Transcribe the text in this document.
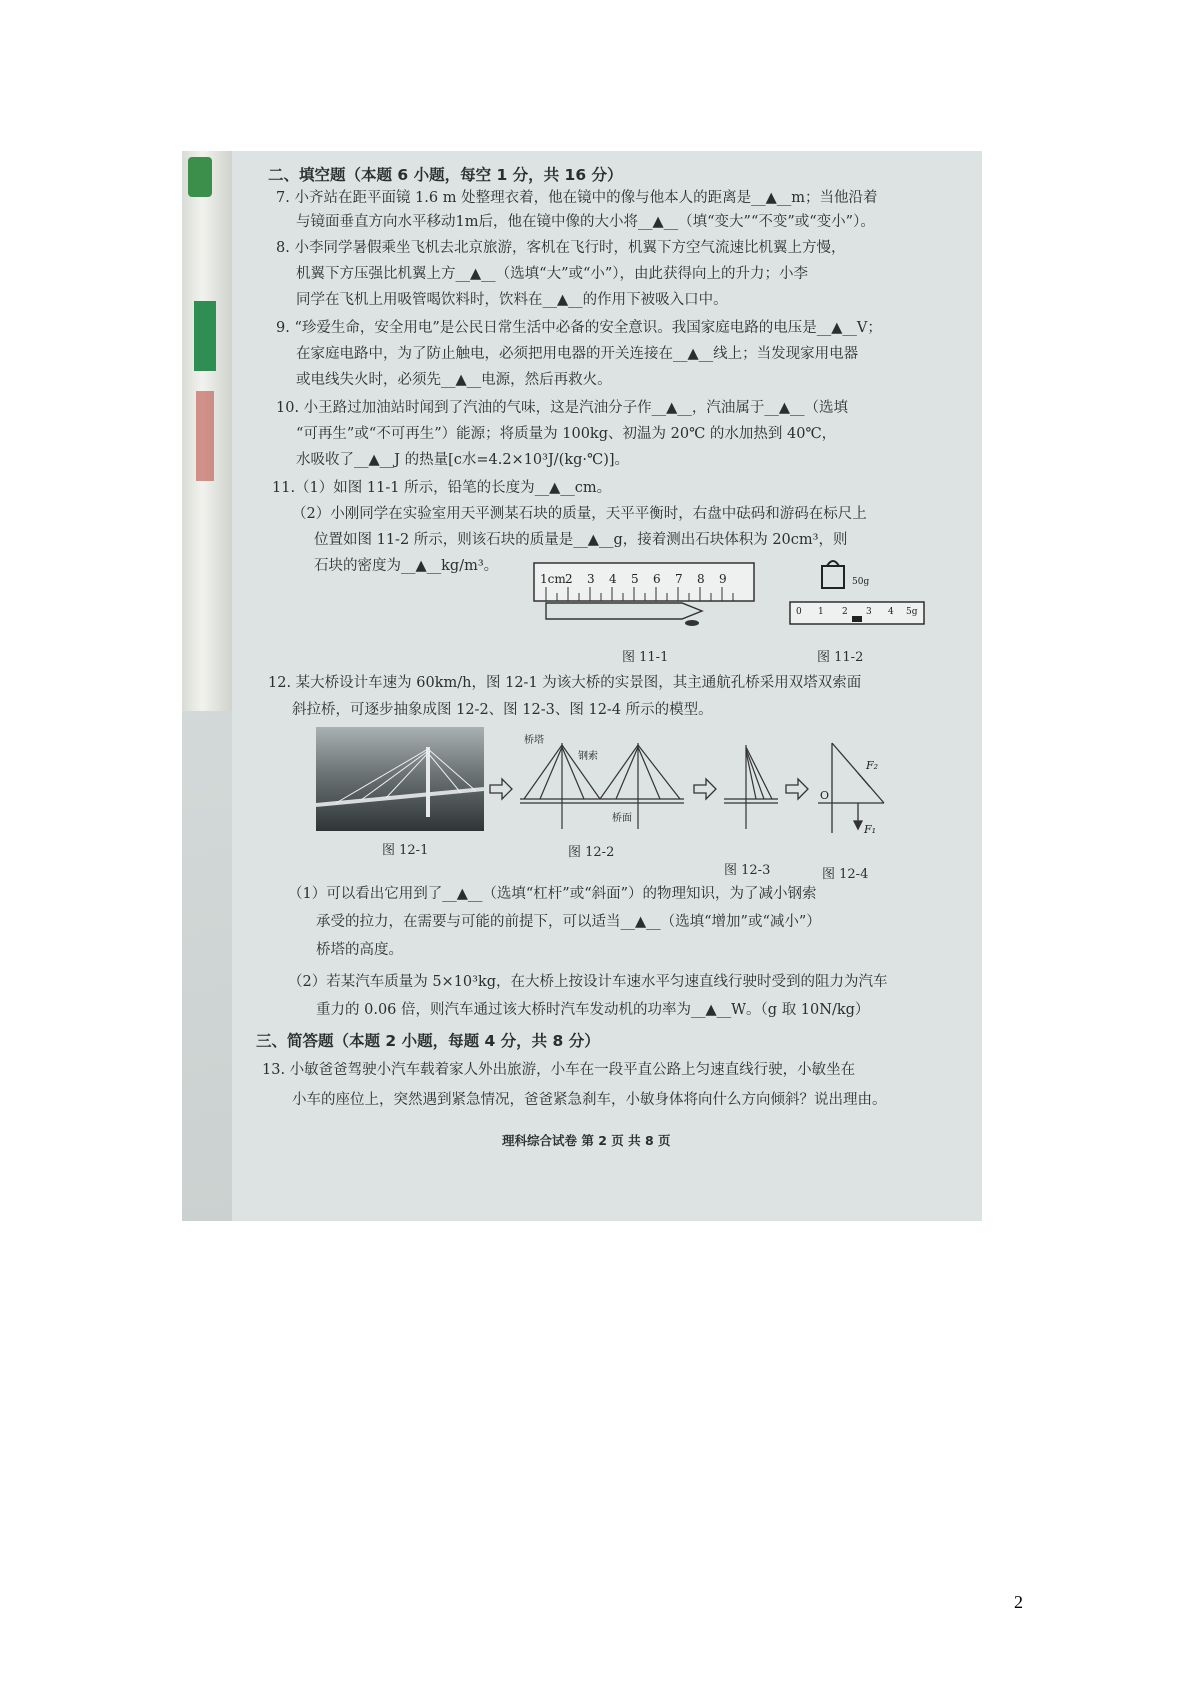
二、填空题（本题 6 小题，每空 1 分，共 16 分）
7. 小齐站在距平面镜 1.6 m 处整理衣着，他在镜中的像与他本人的距离是__▲__m；当他沿着
与镜面垂直方向水平移动1m后，他在镜中像的大小将__▲__（填“变大”“不变”或“变小”）。
8. 小李同学暑假乘坐飞机去北京旅游，客机在飞行时，机翼下方空气流速比机翼上方慢，
机翼下方压强比机翼上方__▲__（选填“大”或“小”），由此获得向上的升力；小李
同学在飞机上用吸管喝饮料时，饮料在__▲__的作用下被吸入口中。
9. “珍爱生命，安全用电”是公民日常生活中必备的安全意识。我国家庭电路的电压是__▲__V；
在家庭电路中，为了防止触电，必须把用电器的开关连接在__▲__线上；当发现家用电器
或电线失火时，必须先__▲__电源，然后再救火。
10. 小王路过加油站时闻到了汽油的气味，这是汽油分子作__▲__，汽油属于__▲__（选填
“可再生”或“不可再生”）能源；将质量为 100kg、初温为 20℃ 的水加热到 40℃，
水吸收了__▲__J 的热量[c水=4.2×10³J/(kg·℃)]。
11.（1）如图 11-1 所示，铅笔的长度为__▲__cm。
（2）小刚同学在实验室用天平测某石块的质量，天平平衡时，右盘中砝码和游码在标尺上
位置如图 11-2 所示，则该石块的质量是__▲__g，接着测出石块体积为 20cm³，则
石块的密度为__▲__kg/m³。
1cm 2 3 4 5 6 7 8 9	50g
0 1 2 3 4 5g
图 11-1	图 11-2
12. 某大桥设计车速为 60km/h，图 12-1 为该大桥的实景图，其主通航孔桥采用双塔双索面
斜拉桥，可逐步抽象成图 12-2、图 12-3、图 12-4 所示的模型。
桥塔
钢索
桥面
O
F₁
F₂
图 12-1	图 12-2
图 12-3	图 12-4
（1）可以看出它用到了__▲__（选填“杠杆”或“斜面”）的物理知识，为了减小钢索
承受的拉力，在需要与可能的前提下，可以适当__▲__（选填“增加”或“减小”）
桥塔的高度。
（2）若某汽车质量为 5×10³kg，在大桥上按设计车速水平匀速直线行驶时受到的阻力为汽车
重力的 0.06 倍，则汽车通过该大桥时汽车发动机的功率为__▲__W。（g 取 10N/kg）
三、简答题（本题 2 小题，每题 4 分，共 8 分）
13. 小敏爸爸驾驶小汽车载着家人外出旅游，小车在一段平直公路上匀速直线行驶，小敏坐在
小车的座位上，突然遇到紧急情况，爸爸紧急刹车，小敏身体将向什么方向倾斜？说出理由。
理科综合试卷 第 2 页 共 8 页
2
